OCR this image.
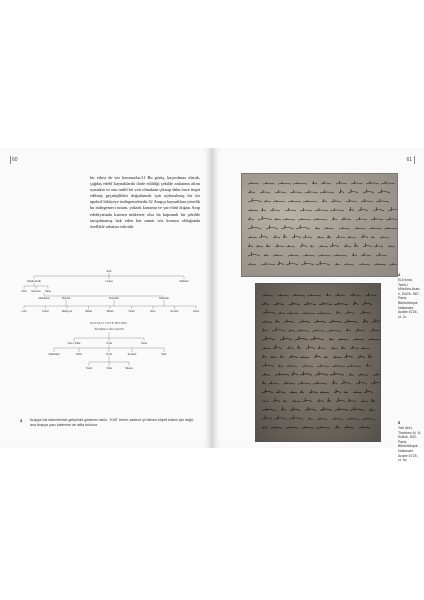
60

bir etkisi de söz konusudur.31 Bu görüş, kaçınılmaz olarak, çağdaş edebî kaynaklarda ifade edildiği şekilde anlatının altını oymakta ve onu tarihî bir veri olmaktan çıkarıp daha önce tespit edilmiş geçmişlikleri doğrulamak için uydurulmuş bir tür apokrif hikâyeye indirgemektedir.32 Arapça kaynaklara yönelik bu indirgemeci tutum, yüksek konumu ve yarı-dinî doğası Arap edebiyatında kısmen mükerrer olsa da kapsamlı bir şekilde tartışılmamış hak eden hat sanatı söz konusu olduğunda özellikle rahatsız edicidir.

Kufi
Mekki-Nesih	Leukal	Muhkem
Mail Meveren Mesk
Muhakkak	Hayalik	Matsumli	Muhtelili
Celil	Tumar	Mukeyyet	Sikkin	Hüsnü	Nesih	Rika	Reyhan	Gubar
HUTTAT-I SITTE METODU
İbni Mukle ve İbni Cahuribi
Ayet-i Sülüs	Tevki	Nesih
Muhakkak	Sülüs	Tevki	Reyhani	Rika
Nesih	Tulik	Şikeste
3 Arapça hat kalemlerinin gelişimini gösteren tablo. "Kûfi" terimi, sadece iyi bilinen köşeli kalem için değil, ana Arapça yazı kalemine de atfta bulunur.
61
4
El-Esma, Tarih-i Müslüm-Arab-lı, 542/h. 587, Paris, Bibliothèque Nationale, Arabe 6726, vr. 2r.
5
Yarı Ahri, Timbirez-N, 1f, Kutliık, 902. Paris, Bibliothèque Nationale, Arabe 6725, vr. 5v.
